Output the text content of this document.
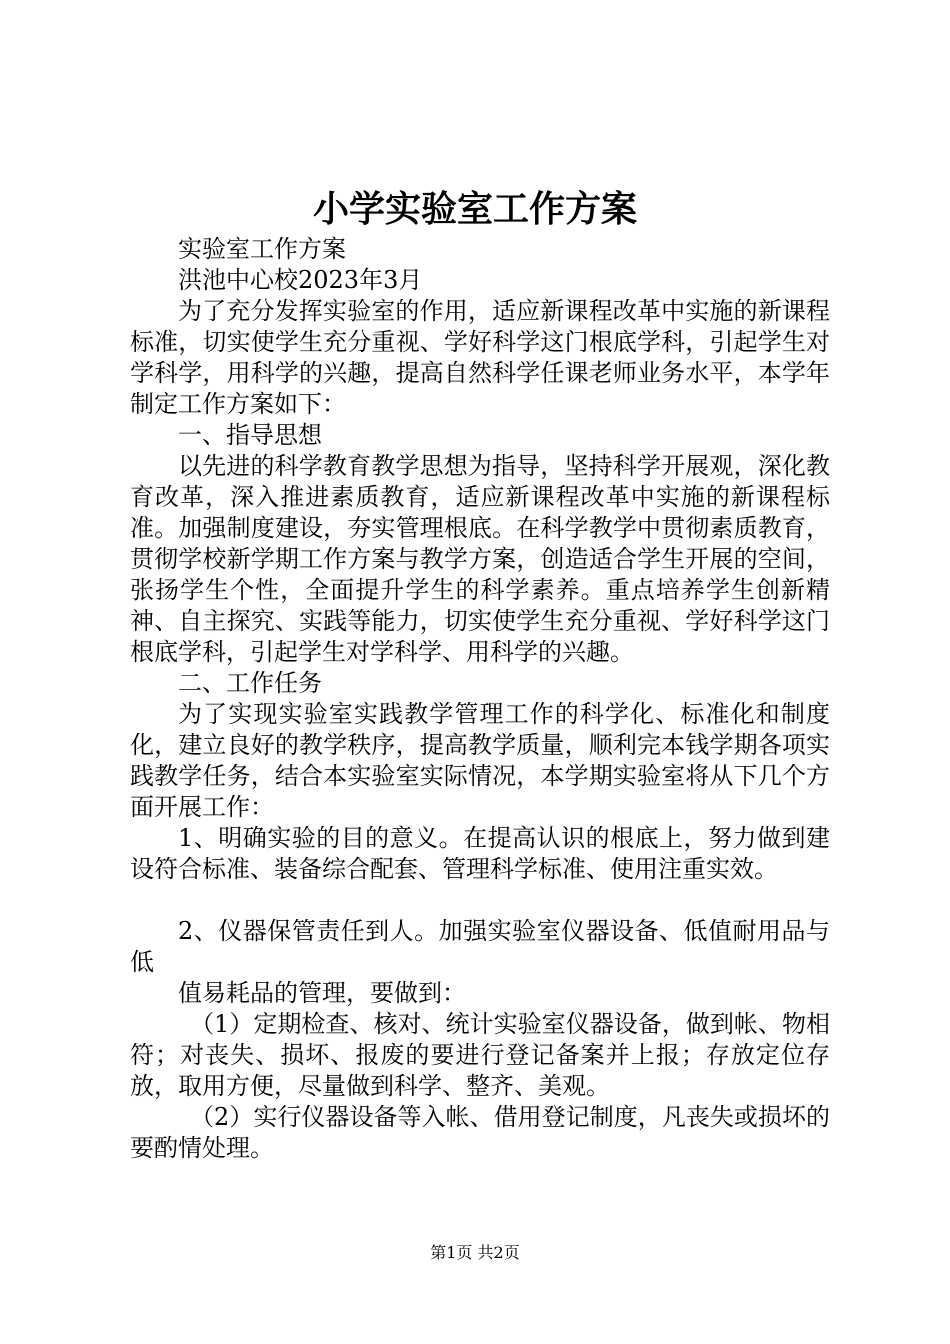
小学实验室工作方案

实验室工作方案

洪池中心校2023年3月

为了充分发挥实验室的作用，适应新课程改革中实施的新课程标准，切实使学生充分重视、学好科学这门根底学科，引起学生对学科学，用科学的兴趣，提高自然科学任课老师业务水平，本学年制定工作方案如下：

一、指导思想

以先进的科学教育教学思想为指导，坚持科学开展观，深化教育改革，深入推进素质教育，适应新课程改革中实施的新课程标准。加强制度建设，夯实管理根底。在科学教学中贯彻素质教育，贯彻学校新学期工作方案与教学方案，创造适合学生开展的空间，张扬学生个性，全面提升学生的科学素养。重点培养学生创新精神、自主探究、实践等能力，切实使学生充分重视、学好科学这门根底学科，引起学生对学科学、用科学的兴趣。

二、工作任务

为了实现实验室实践教学管理工作的科学化、标准化和制度化，建立良好的教学秩序，提高教学质量，顺利完本钱学期各项实践教学任务，结合本实验室实际情况，本学期实验室将从下几个方面开展工作：

1、明确实验的目的意义。在提高认识的根底上，努力做到建设符合标准、装备综合配套、管理科学标准、使用注重实效。

2、仪器保管责任到人。加强实验室仪器设备、低值耐用品与低

值易耗品的管理，要做到：

（1）定期检查、核对、统计实验室仪器设备，做到帐、物相符；对丧失、损坏、报废的要进行登记备案并上报；存放定位存放，取用方便，尽量做到科学、整齐、美观。

（2）实行仪器设备等入帐、借用登记制度，凡丧失或损坏的要酌情处理。

第1页 共2页
